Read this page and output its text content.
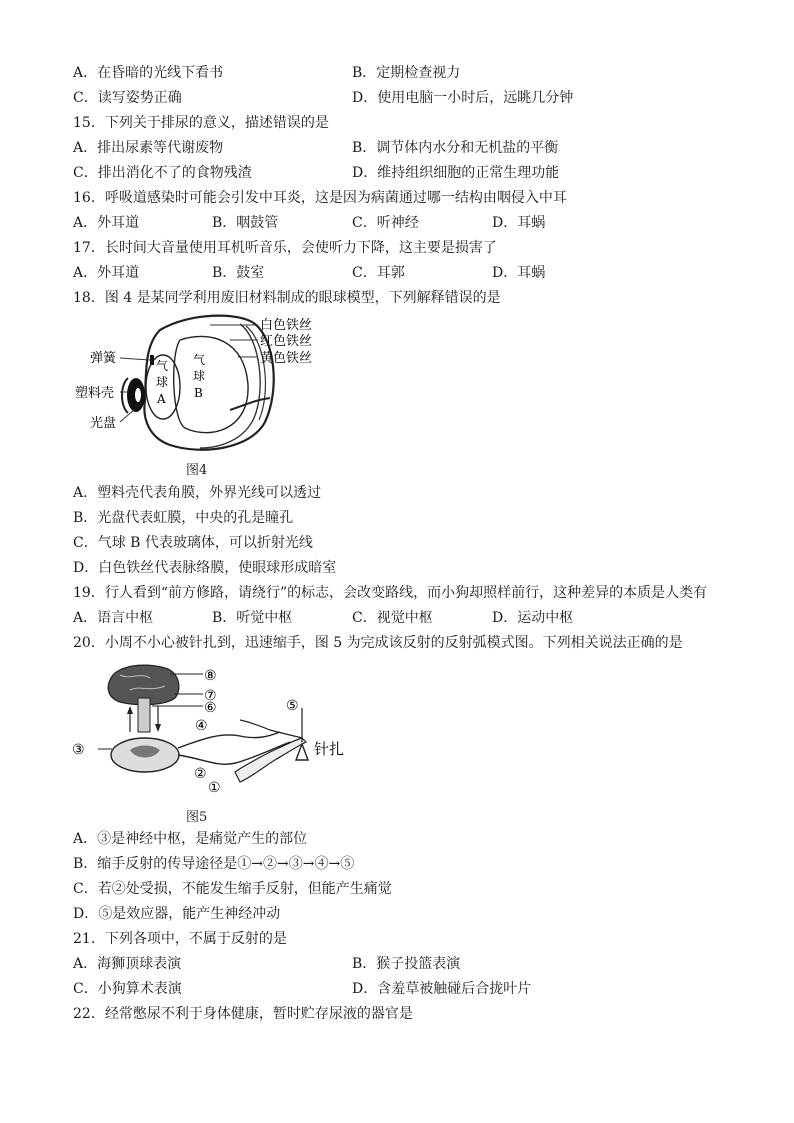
A．在昏暗的光线下看书	B．定期检查视力
C．读写姿势正确	D．使用电脑一小时后，远眺几分钟
15．下列关于排尿的意义，描述错误的是
A．排出尿素等代谢废物	B．调节体内水分和无机盐的平衡
C．排出消化不了的食物残渣	D．维持组织细胞的正常生理功能
16．呼吸道感染时可能会引发中耳炎，这是因为病菌通过哪一结构由咽侵入中耳
A．外耳道	B．咽鼓管	C．听神经	D．耳蜗
17．长时间大音量使用耳机听音乐，会使听力下降，这主要是损害了
A．外耳道	B．鼓室	C．耳郭	D．耳蜗
18．图 4 是某同学利用废旧材料制成的眼球模型，下列解释错误的是
白色铁丝
红色铁丝
黄色铁丝
弹簧
塑料壳
光盘
气
球
A
气
球
B
图4
A．塑料壳代表角膜，外界光线可以透过
B．光盘代表虹膜，中央的孔是瞳孔
C．气球 B 代表玻璃体，可以折射光线
D．白色铁丝代表脉络膜，使眼球形成暗室
19．行人看到“前方修路，请绕行”的标志，会改变路线，而小狗却照样前行，这种差异的本质是人类有
A．语言中枢	B．听觉中枢	C．视觉中枢	D．运动中枢
20．小周不小心被针扎到，迅速缩手，图 5 为完成该反射的反射弧模式图。下列相关说法正确的是
⑧
⑦
⑥
④
⑤
③
②
①
针扎
图5
A．③是神经中枢，是痛觉产生的部位
B．缩手反射的传导途径是①→②→③→④→⑤
C．若②处受损，不能发生缩手反射，但能产生痛觉
D．⑤是效应器，能产生神经冲动
21．下列各项中，不属于反射的是
A．海狮顶球表演	B．猴子投篮表演
C．小狗算术表演	D．含羞草被触碰后合拢叶片
22．经常憋尿不利于身体健康，暂时贮存尿液的器官是
